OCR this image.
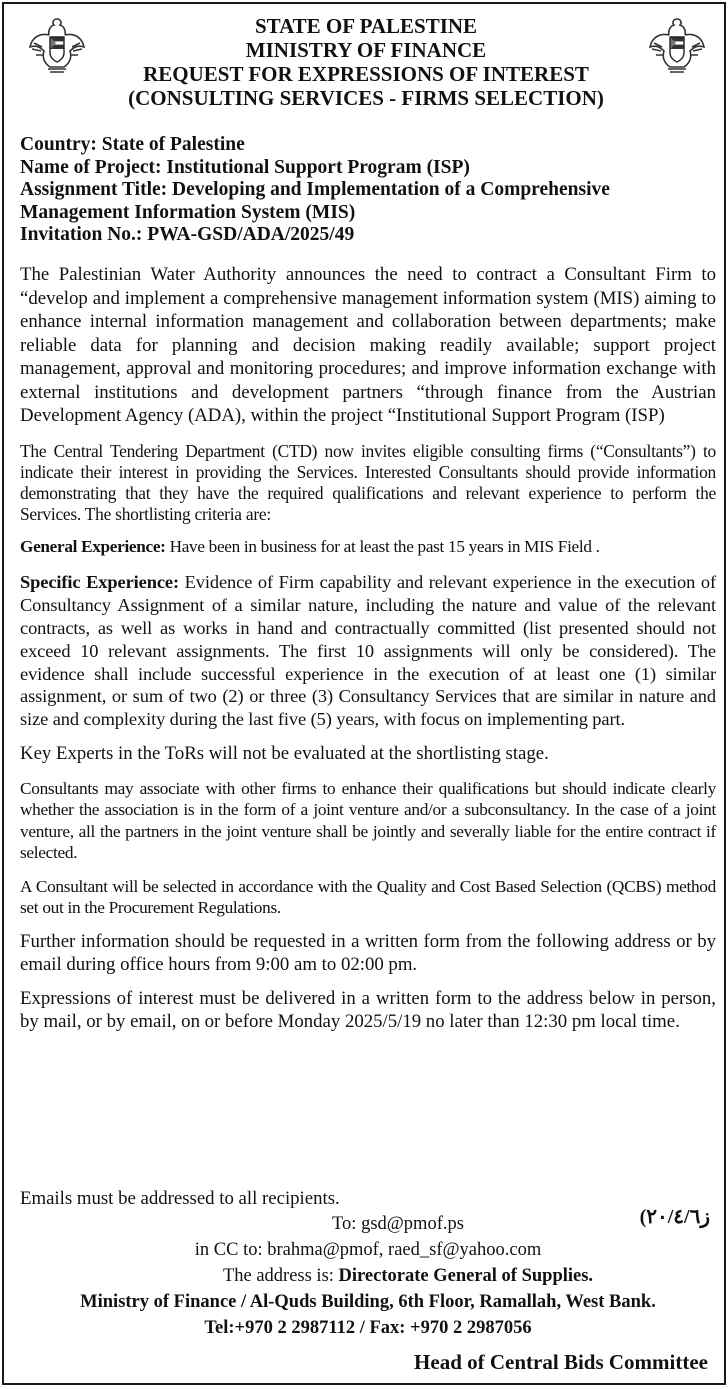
STATE OF PALESTINE
MINISTRY OF FINANCE
REQUEST FOR EXPRESSIONS OF INTEREST
(CONSULTING SERVICES - FIRMS SELECTION)
Country: State of Palestine
Name of Project: Institutional Support Program (ISP)
Assignment Title: Developing and Implementation of a Comprehensive
Management Information System (MIS)
Invitation No.: PWA-GSD/ADA/2025/49

The Palestinian Water Authority announces the need to contract a Consultant Firm to “develop and implement a comprehensive management information system (MIS) aiming to enhance internal information management and collaboration between departments; make reliable data for planning and decision making readily available; support project management, approval and monitoring procedures; and improve information exchange with external institutions and development partners “through finance from the Austrian Development Agency (ADA), within the project “Institutional Support Program (ISP)

The Central Tendering Department (CTD) now invites eligible consulting firms (“Consultants”) to indicate their interest in providing the Services. Interested Consultants should provide information demonstrating that they have the required qualifications and relevant experience to perform the Services. The shortlisting criteria are:

General Experience: Have been in business for at least the past 15 years in MIS Field .

Specific Experience: Evidence of Firm capability and relevant experience in the execution of Consultancy Assignment of a similar nature, including the nature and value of the relevant contracts, as well as works in hand and contractually committed (list presented should not exceed 10 relevant assignments. The first 10 assignments will only be considered). The evidence shall include successful experience in the execution of at least one (1) similar assignment, or sum of two (2) or three (3) Consultancy Services that are similar in nature and size and complexity during the last five (5) years, with focus on implementing part.

Key Experts in the ToRs will not be evaluated at the shortlisting stage.

Consultants may associate with other firms to enhance their qualifications but should indicate clearly whether the association is in the form of a joint venture and/or a subconsultancy. In the case of a joint venture, all the partners in the joint venture shall be jointly and severally liable for the entire contract if selected.

A Consultant will be selected in accordance with the Quality and Cost Based Selection (QCBS) method set out in the Procurement Regulations.

Further information should be requested in a written form from the following address or by email during office hours from 9:00 am to 02:00 pm.

Expressions of interest must be delivered in a written form to the address below in person, by mail, or by email, on or before Monday 2025/5/19 no later than 12:30 pm local time.

Emails must be addressed to all recipients.
ز٢٠/٤/٦)
To: gsd@pmof.ps
in CC to: brahma@pmof, raed_sf@yahoo.com
The address is: Directorate General of Supplies.
Ministry of Finance / Al-Quds Building, 6th Floor, Ramallah, West Bank.
Tel:+970 2 2987112 / Fax: +970 2 2987056
Head of Central Bids Committee
